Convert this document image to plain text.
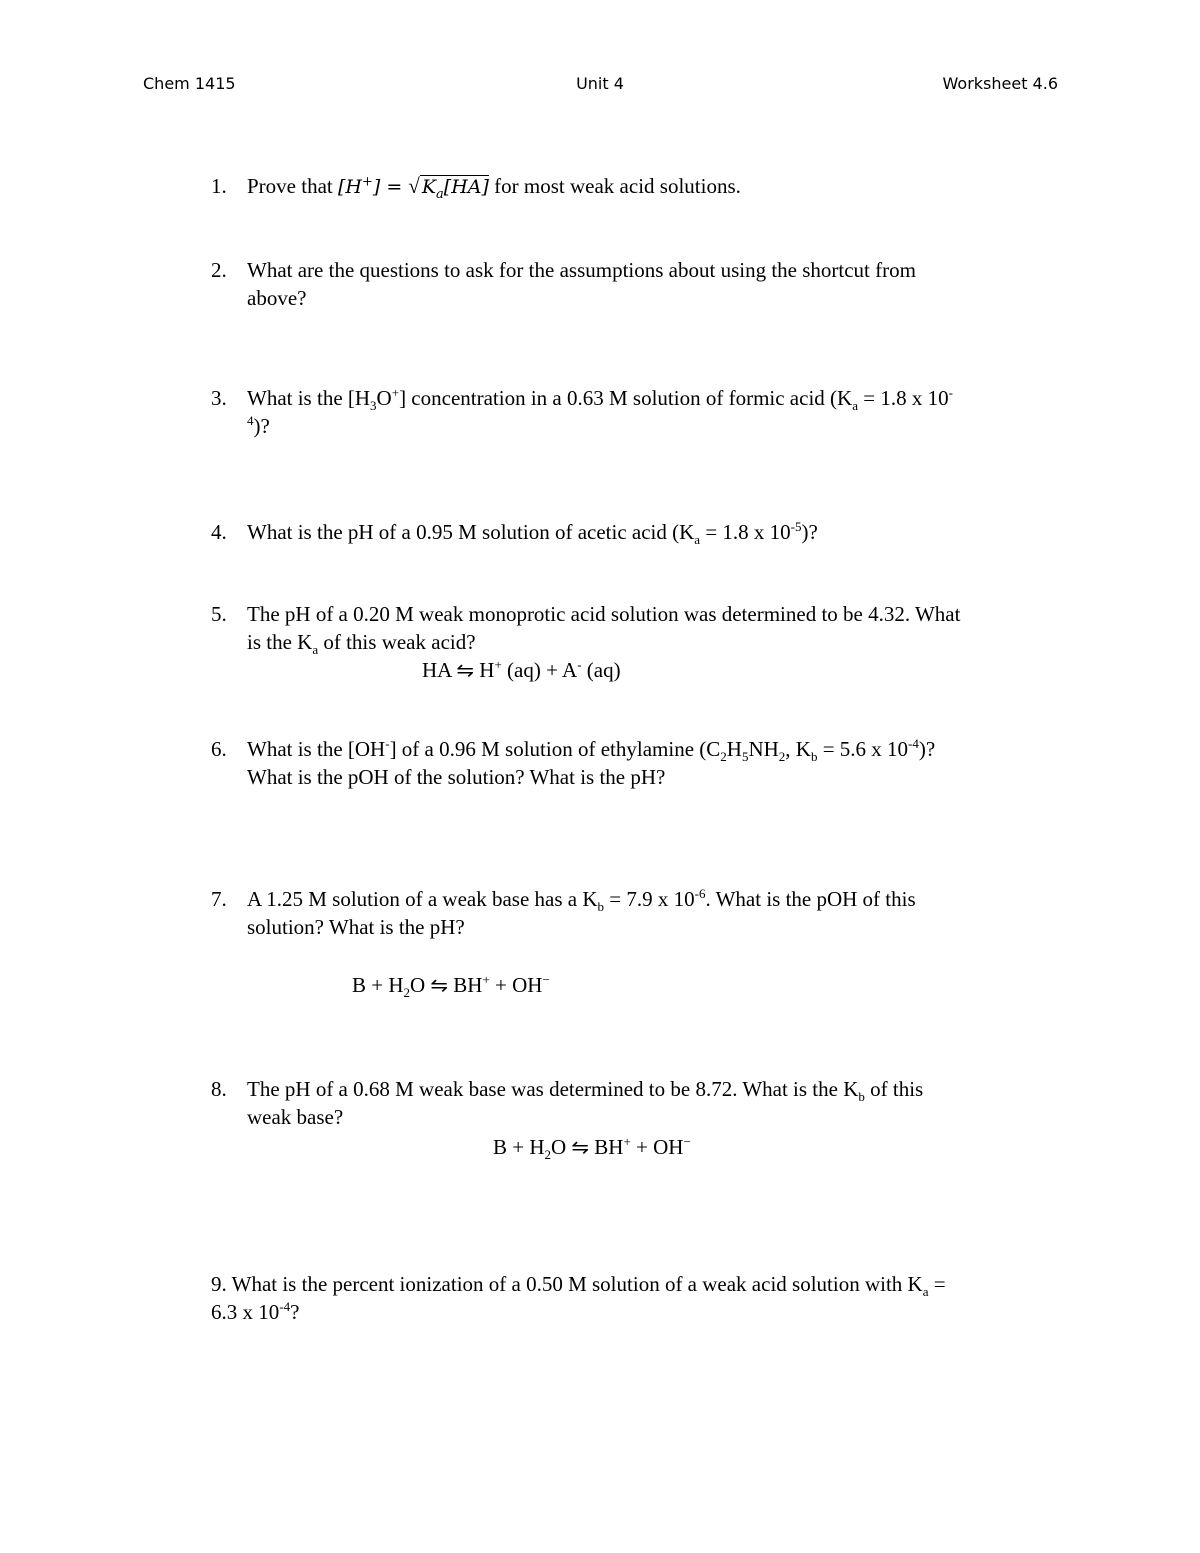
Chem 1415	Unit 4	Worksheet 4.6
1. Prove that [H+] = √ $K_a[HA]$ for most weak acid solutions.
2. What are the questions to ask for the assumptions about using the shortcut from
above?
3. What is the $[H_3O^+]$ concentration in a 0.63 M solution of formic acid ($K_a = 1.8$ x 10-
$^4$)?
4. What is the pH of a 0.95 M solution of acetic acid ($K_a = 1.8$ x $10^{-5}$)?
5. The pH of a 0.20 M weak monoprotic acid solution was determined to be 4.32. What
is the $K_a$ of this weak acid?
HA ⇋ H+ (aq) + A- (aq)
6. What is the [OH-] of a 0.96 M solution of ethylamine ($C_2H_5NH_2$, $K_b = 5.6$ x $10^{-4}$)?
What is the pOH of the solution? What is the pH?
7. A 1.25 M solution of a weak base has a $K_b = 7.9$ x $10^{-6}$. What is the pOH of this
solution? What is the pH?
$B + H_2O$ ⇋ BH+ + OH−
8. The pH of a 0.68 M weak base was determined to be 8.72. What is the $K_b$ of this
weak base?
$B + H_2O$ ⇋ BH+ + OH−
9. What is the percent ionization of a 0.50 M solution of a weak acid solution with $K_a$ =
6.3 x $10^{-4}$?
